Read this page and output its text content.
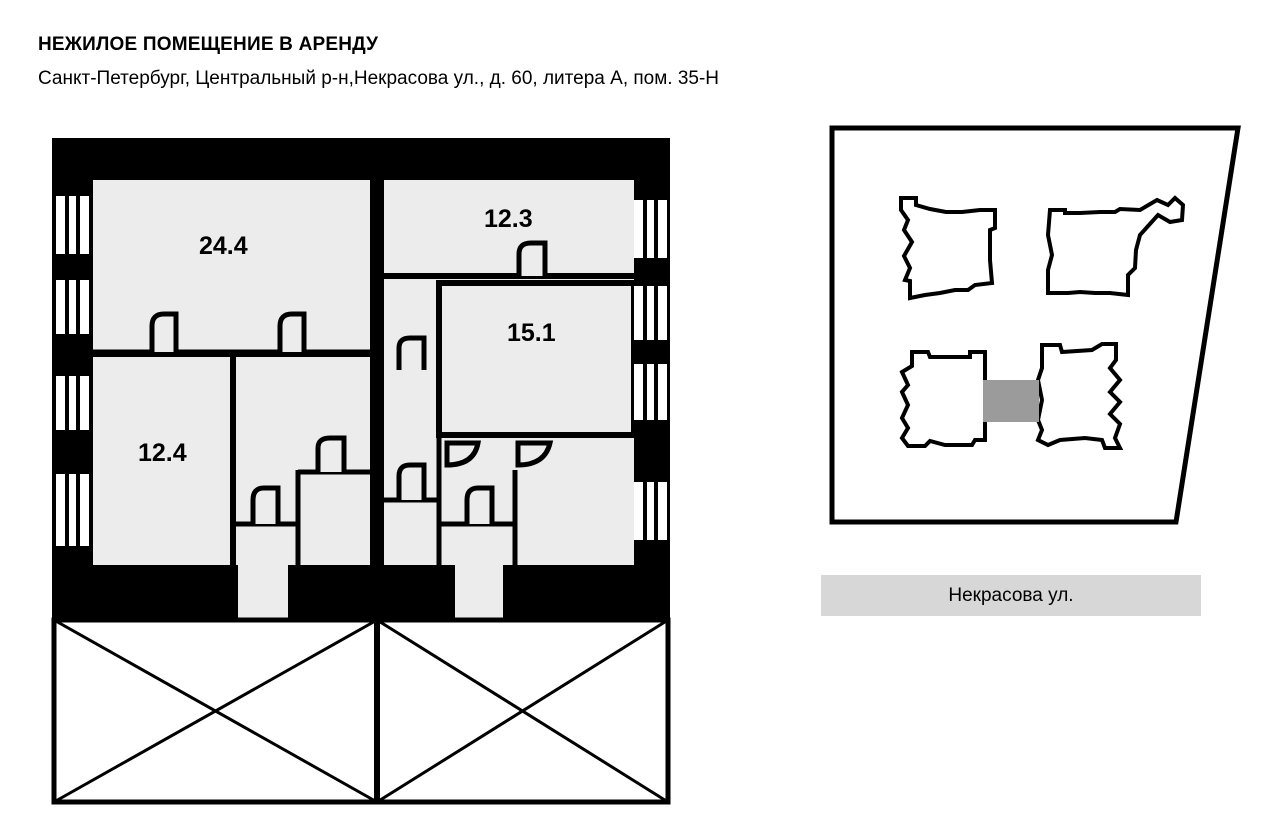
НЕЖИЛОЕ ПОМЕЩЕНИЕ В АРЕНДУ

Санкт-Петербург, Центральный р-н,Некрасова ул., д. 60, литера А, пом. 35-Н

24.4
12.3
15.1
12.4
Некрасова ул.
